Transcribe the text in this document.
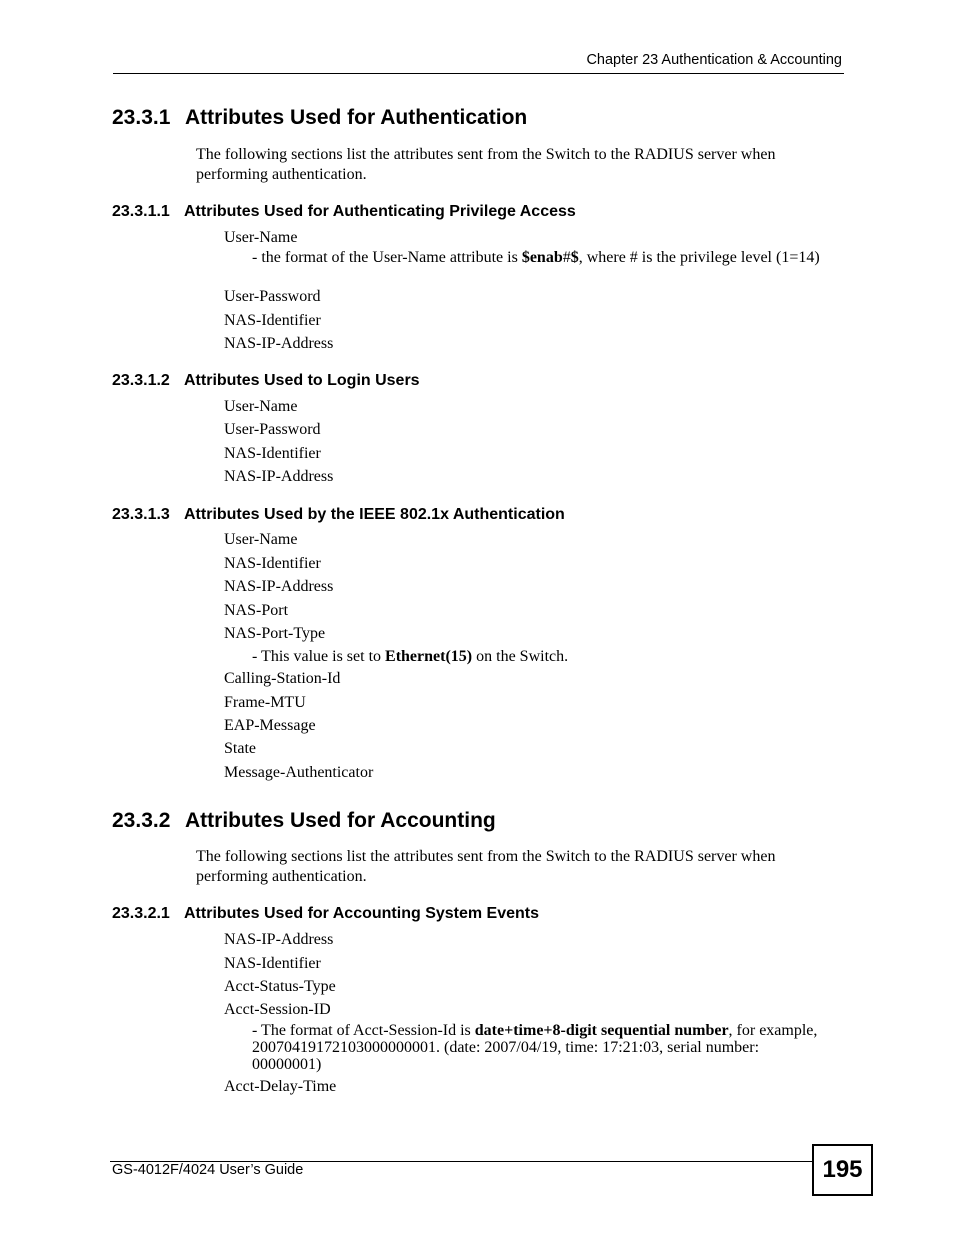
Chapter 23 Authentication & Accounting
23.3.1 Attributes Used for Authentication
The following sections list the attributes sent from the Switch to the RADIUS server when performing authentication.
23.3.1.1 Attributes Used for Authenticating Privilege Access
User-Name
- the format of the User-Name attribute is $enab#$, where # is the privilege level (1=14)
User-Password
NAS-Identifier
NAS-IP-Address
23.3.1.2 Attributes Used to Login Users
User-Name
User-Password
NAS-Identifier
NAS-IP-Address
23.3.1.3 Attributes Used by the IEEE 802.1x Authentication
User-Name
NAS-Identifier
NAS-IP-Address
NAS-Port
NAS-Port-Type
- This value is set to Ethernet(15) on the Switch.
Calling-Station-Id
Frame-MTU
EAP-Message
State
Message-Authenticator
23.3.2 Attributes Used for Accounting
The following sections list the attributes sent from the Switch to the RADIUS server when performing authentication.
23.3.2.1 Attributes Used for Accounting System Events
NAS-IP-Address
NAS-Identifier
Acct-Status-Type
Acct-Session-ID
- The format of Acct-Session-Id is date+time+8-digit sequential number, for example, 20070419172103000000001. (date: 2007/04/19, time: 17:21:03, serial number: 00000001)
Acct-Delay-Time
GS-4012F/4024 User’s Guide	195
